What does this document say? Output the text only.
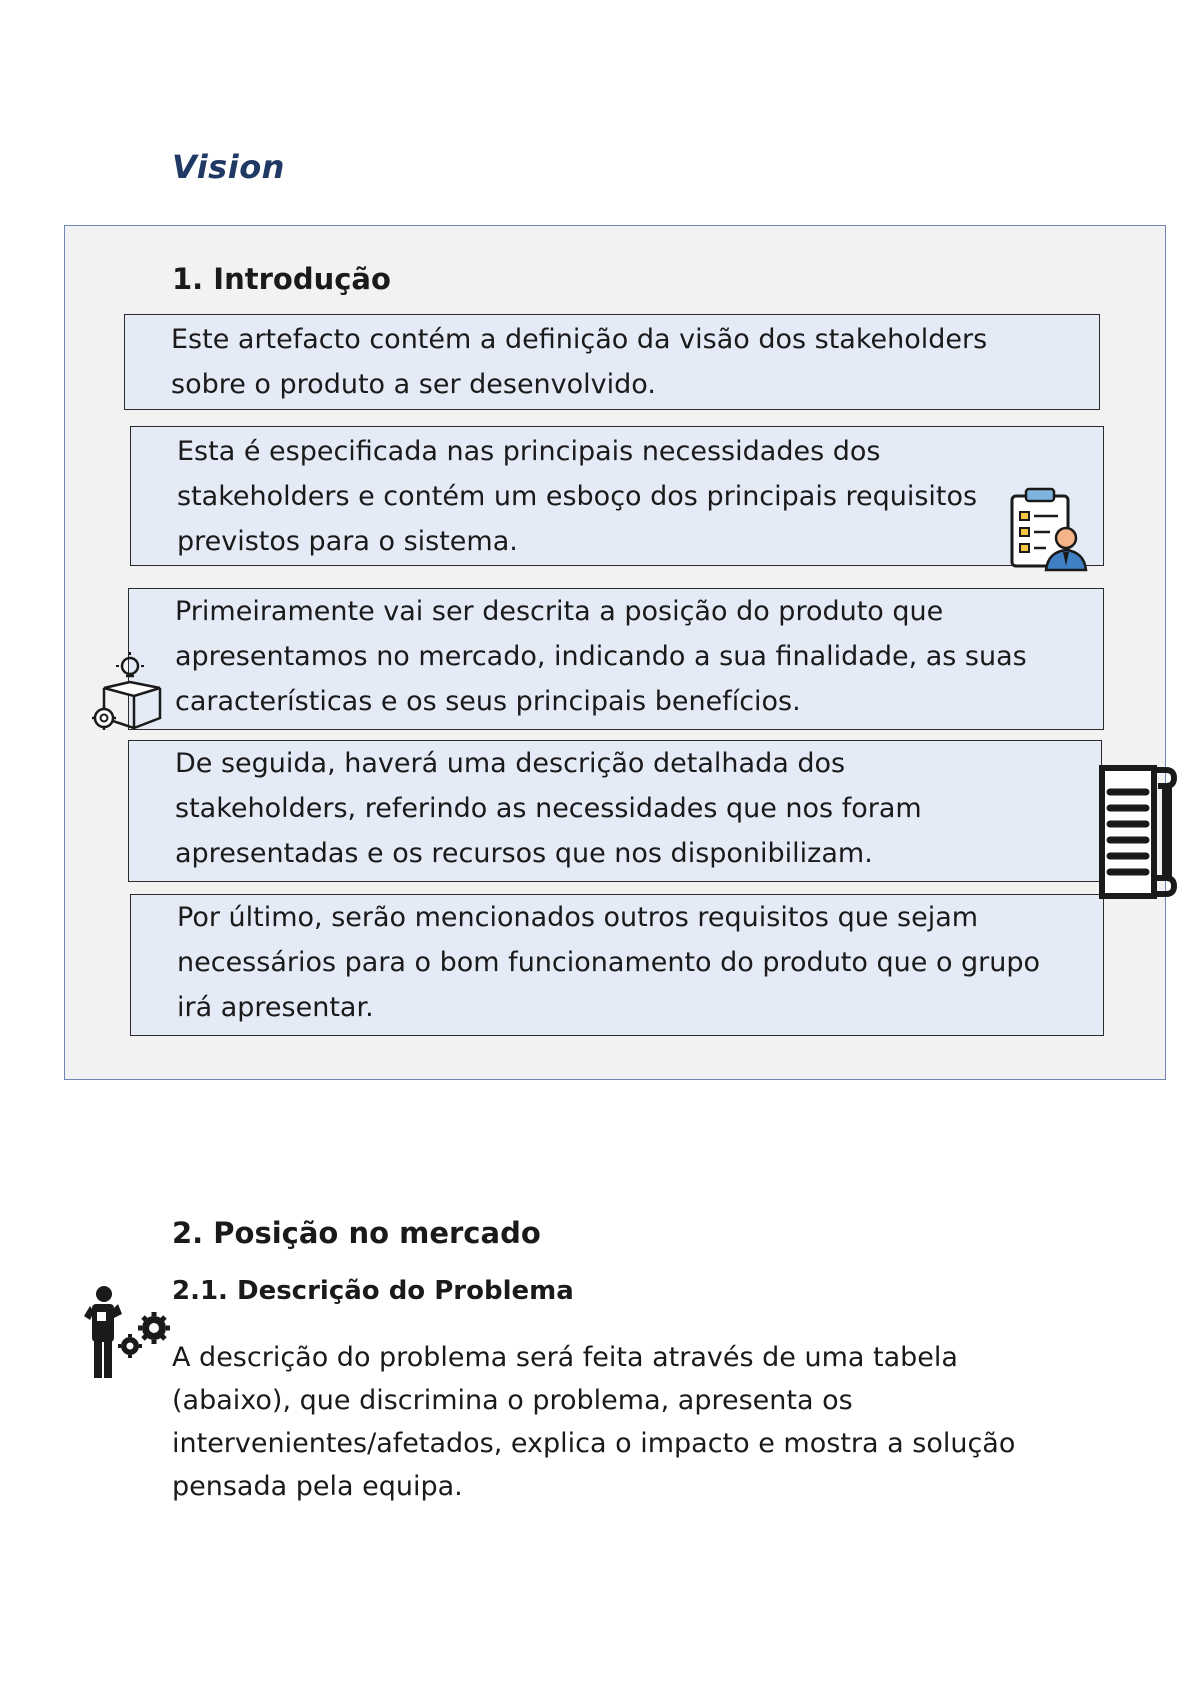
Vision
1. Introdução
Este artefacto contém a definição da visão dos stakeholders sobre o produto a ser desenvolvido.
Esta é especificada nas principais necessidades dos stakeholders e contém um esboço dos principais requisitos previstos para o sistema.
Primeiramente vai ser descrita a posição do produto que apresentamos no mercado, indicando a sua finalidade, as suas características e os seus principais benefícios.
De seguida, haverá uma descrição detalhada dos stakeholders, referindo as necessidades que nos foram apresentadas e os recursos que nos disponibilizam.
Por último, serão mencionados outros requisitos que sejam necessários para o bom funcionamento do produto que o grupo irá apresentar.
2. Posição no mercado
2.1. Descrição do Problema
A descrição do problema será feita através de uma tabela (abaixo), que discrimina o problema, apresenta os intervenientes/afetados, explica o impacto e mostra a solução pensada pela equipa.
